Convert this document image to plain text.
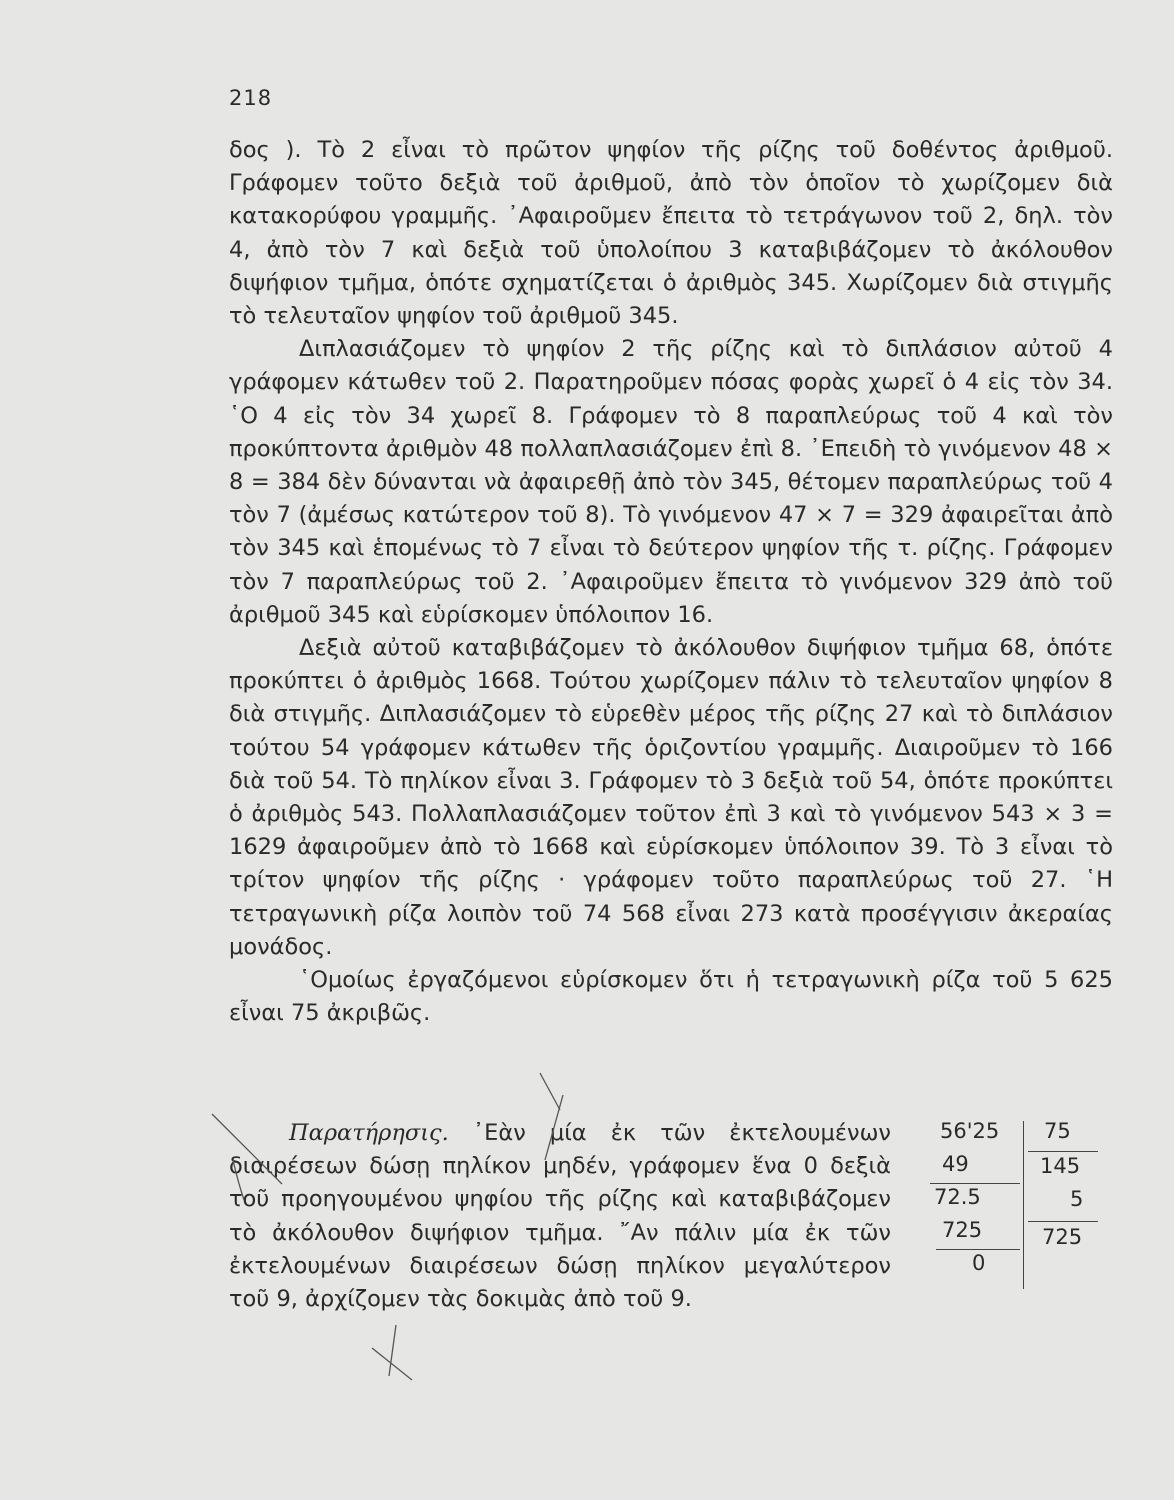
218

δος ). Τὸ 2 εἶναι τὸ πρῶτον ψηφίον τῆς ρίζης τοῦ δοθέντος ἀριθμοῦ. Γράφομεν τοῦτο δεξιὰ τοῦ ἀριθμοῦ, ἀπὸ τὸν ὁποῖον τὸ χωρίζομεν διὰ κατακορύφου γραμμῆς. ᾿Αφαιροῦμεν ἔπειτα τὸ τετράγωνον τοῦ 2, δηλ. τὸν 4, ἀπὸ τὸν 7 καὶ δεξιὰ τοῦ ὑπολοίπου 3 καταβιβάζομεν τὸ ἀκόλουθον διψήφιον τμῆμα, ὁπότε σχηματίζεται ὁ ἀριθμὸς 345. Χωρίζομεν διὰ στιγμῆς τὸ τελευταῖον ψηφίον τοῦ ἀριθμοῦ 345.

Διπλασιάζομεν τὸ ψηφίον 2 τῆς ρίζης καὶ τὸ διπλάσιον αὐτοῦ 4 γράφομεν κάτωθεν τοῦ 2. Παρατηροῦμεν πόσας φορὰς χωρεῖ ὁ 4 εἰς τὸν 34. ῾Ο 4 εἰς τὸν 34 χωρεῖ 8. Γράφομεν τὸ 8 παραπλεύρως τοῦ 4 καὶ τὸν προκύπτοντα ἀριθμὸν 48 πολλαπλασιάζομεν ἐπὶ 8. ᾿Επειδὴ τὸ γινόμενον 48 × 8 = 384 δὲν δύνανται νὰ ἀφαιρεθῇ ἀπὸ τὸν 345, θέτομεν παραπλεύρως τοῦ 4 τὸν 7 (ἀμέσως κατώτερον τοῦ 8). Τὸ γινόμενον 47 × 7 = 329 ἀφαιρεῖται ἀπὸ τὸν 345 καὶ ἑπομένως τὸ 7 εἶναι τὸ δεύτερον ψηφίον τῆς τ. ρίζης. Γράφομεν τὸν 7 παραπλεύρως τοῦ 2. ᾿Αφαιροῦμεν ἔπειτα τὸ γινόμενον 329 ἀπὸ τοῦ ἀριθμοῦ 345 καὶ εὑρίσκομεν ὑπόλοιπον 16.

Δεξιὰ αὐτοῦ καταβιβάζομεν τὸ ἀκόλουθον διψήφιον τμῆμα 68, ὁπότε προκύπτει ὁ ἀριθμὸς 1668. Τούτου χωρίζομεν πάλιν τὸ τελευταῖον ψηφίον 8 διὰ στιγμῆς. Διπλασιάζομεν τὸ εὑρεθὲν μέρος τῆς ρίζης 27 καὶ τὸ διπλάσιον τούτου 54 γράφομεν κάτωθεν τῆς ὁριζοντίου γραμμῆς. Διαιροῦμεν τὸ 166 διὰ τοῦ 54. Τὸ πηλίκον εἶναι 3. Γράφομεν τὸ 3 δεξιὰ τοῦ 54, ὁπότε προκύπτει ὁ ἀριθμὸς 543. Πολλαπλασιάζομεν τοῦτον ἐπὶ 3 καὶ τὸ γινόμενον 543 × 3 = 1629 ἀφαιροῦμεν ἀπὸ τὸ 1668 καὶ εὑρίσκομεν ὑπόλοιπον 39. Τὸ 3 εἶναι τὸ τρίτον ψηφίον τῆς ρίζης · γράφομεν τοῦτο παραπλεύρως τοῦ 27. ῾Η τετραγωνικὴ ρίζα λοιπὸν τοῦ 74 568 εἶναι 273 κατὰ προσέγγισιν ἀκεραίας μονάδος.

῾Ομοίως ἐργαζόμενοι εὑρίσκομεν ὅτι ἡ τετραγωνικὴ ρίζα τοῦ 5 625 εἶναι 75 ἀκριβῶς.

Παρατήρησις. ᾿Εὰν μία ἐκ τῶν ἐκτελουμένων διαιρέσεων δώσῃ πηλίκον μηδέν, γράφομεν ἕνα 0 δεξιὰ τοῦ προηγουμένου ψηφίου τῆς ρίζης καὶ καταβιβάζομεν τὸ ἀκόλουθον διψήφιον τμῆμα. ῎Αν πάλιν μία ἐκ τῶν ἐκτελουμένων διαιρέσεων δώσῃ πηλίκον μεγαλύτερον τοῦ 9, ἀρχίζομεν τὰς δοκιμὰς ἀπὸ τοῦ 9.

56'25
49
72.5
725
0
75
145
5
725
